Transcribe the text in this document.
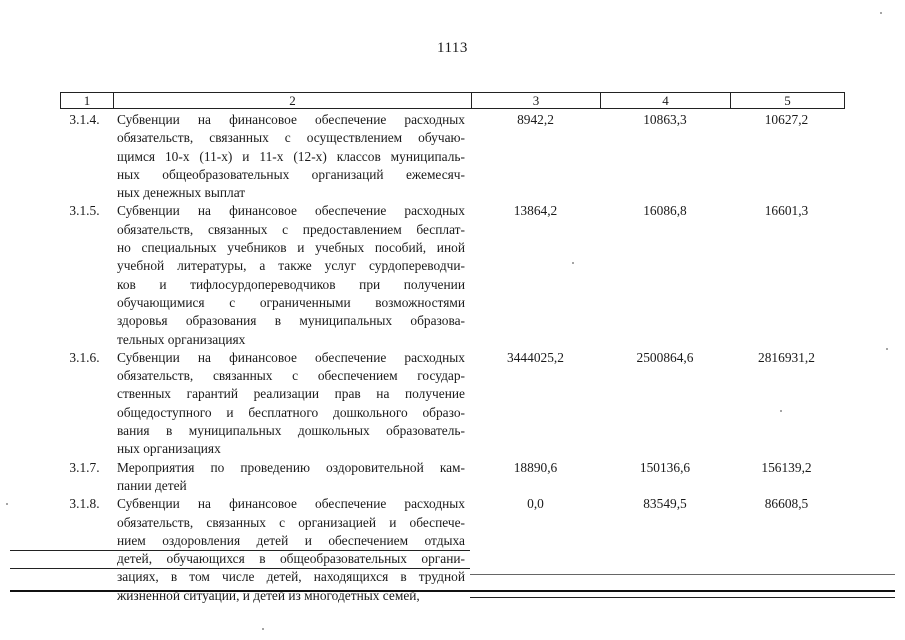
1113
1	2	3	4	5
3.1.4.	Субвенции на финансовое обеспечение расходных
обязательств, связанных с осуществлением обучаю-
щимся 10-х (11-х) и 11-х (12-х) классов муниципаль-
ных общеобразовательных организаций ежемесяч-
ных денежных выплат
8942,2	10863,3	10627,2
3.1.5.	Субвенции на финансовое обеспечение расходных
обязательств, связанных с предоставлением бесплат-
но специальных учебников и учебных пособий, иной
учебной литературы, а также услуг сурдопереводчи-
ков и тифлосурдопереводчиков при получении
обучающимися с ограниченными возможностями
здоровья образования в муниципальных образова-
тельных организациях
13864,2	16086,8	16601,3
3.1.6.	Субвенции на финансовое обеспечение расходных
обязательств, связанных с обеспечением государ-
ственных гарантий реализации прав на получение
общедоступного и бесплатного дошкольного образо-
вания в муниципальных дошкольных образователь-
ных организациях
3444025,2	2500864,6	2816931,2
3.1.7.	Мероприятия по проведению оздоровительной кам-
пании детей
18890,6	150136,6	156139,2
3.1.8.	Субвенции на финансовое обеспечение расходных
обязательств, связанных с организацией и обеспече-
нием оздоровления детей и обеспечением отдыха
детей, обучающихся в общеобразовательных органи-
зациях, в том числе детей, находящихся в трудной
жизненной ситуации, и детей из многодетных семей,
0,0	83549,5	86608,5
